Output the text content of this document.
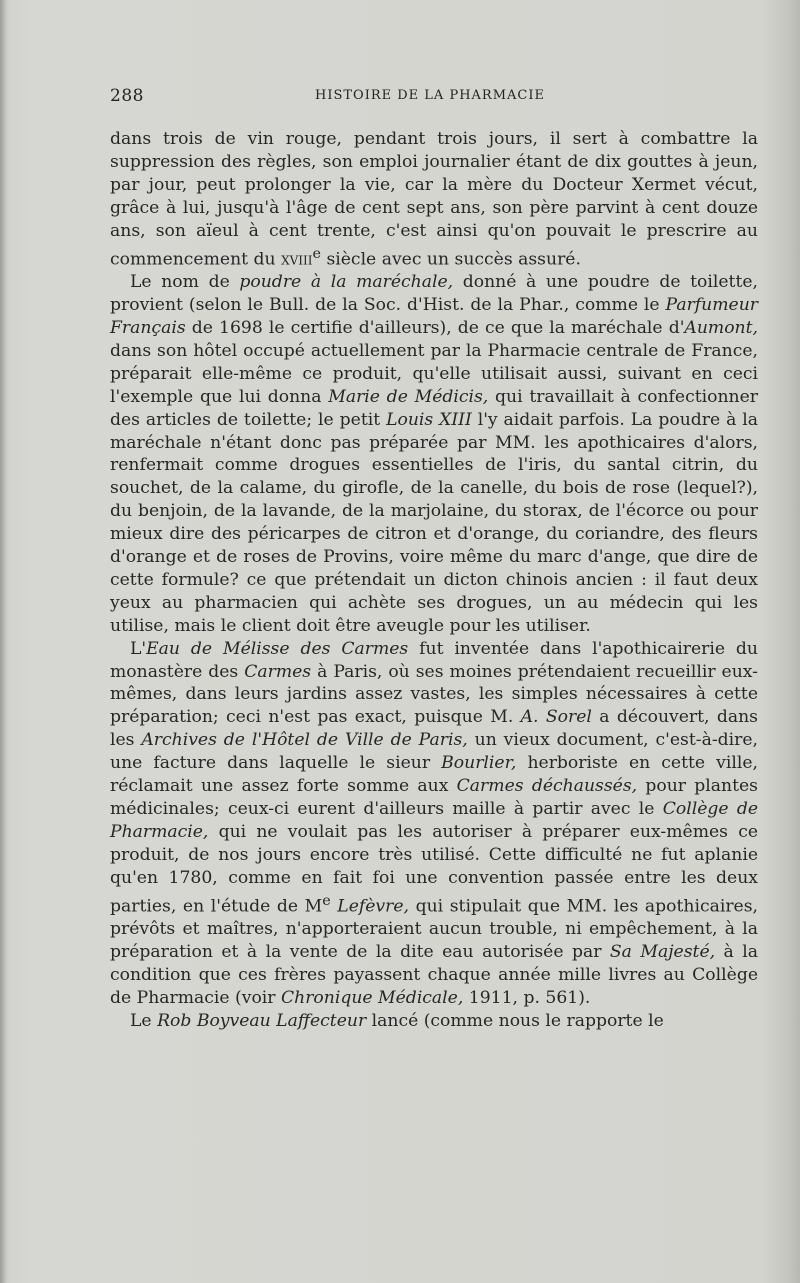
288	HISTOIRE DE LA PHARMACIE

dans trois de vin rouge, pendant trois jours, il sert à combattre la suppression des règles, son emploi journalier étant de dix gouttes à jeun, par jour, peut prolonger la vie, car la mère du Docteur Xermet vécut, grâce à lui, jusqu'à l'âge de cent sept ans, son père parvint à cent douze ans, son aïeul à cent trente, c'est ainsi qu'on pouvait le prescrire au commencement du xviii$^e$ siècle avec un succès assuré.

Le nom de poudre à la maréchale, donné à une poudre de toilette, provient (selon le Bull. de la Soc. d'Hist. de la Phar., comme le Parfumeur Français de 1698 le certifie d'ailleurs), de ce que la maréchale d'Aumont, dans son hôtel occupé actuellement par la Pharmacie centrale de France, préparait elle-même ce produit, qu'elle utilisait aussi, suivant en ceci l'exemple que lui donna Marie de Médicis, qui travaillait à confectionner des articles de toilette; le petit Louis XIII l'y aidait parfois. La poudre à la maréchale n'étant donc pas préparée par MM. les apothicaires d'alors, renfermait comme drogues essentielles de l'iris, du santal citrin, du souchet, de la calame, du girofle, de la canelle, du bois de rose (lequel?), du benjoin, de la lavande, de la marjolaine, du storax, de l'écorce ou pour mieux dire des péricarpes de citron et d'orange, du coriandre, des fleurs d'orange et de roses de Provins, voire même du marc d'ange, que dire de cette formule? ce que prétendait un dicton chinois ancien : il faut deux yeux au pharmacien qui achète ses drogues, un au médecin qui les utilise, mais le client doit être aveugle pour les utiliser.

L'Eau de Mélisse des Carmes fut inventée dans l'apothicairerie du monastère des Carmes à Paris, où ses moines prétendaient recueillir eux-mêmes, dans leurs jardins assez vastes, les simples nécessaires à cette préparation; ceci n'est pas exact, puisque M. A. Sorel a découvert, dans les Archives de l'Hôtel de Ville de Paris, un vieux document, c'est-à-dire, une facture dans laquelle le sieur Bourlier, herboriste en cette ville, réclamait une assez forte somme aux Carmes déchaussés, pour plantes médicinales; ceux-ci eurent d'ailleurs maille à partir avec le Collège de Pharmacie, qui ne voulait pas les autoriser à préparer eux-mêmes ce produit, de nos jours encore très utilisé. Cette difficulté ne fut aplanie qu'en 1780, comme en fait foi une convention passée entre les deux parties, en l'étude de Me Lefèvre, qui stipulait que MM. les apothicaires, prévôts et maîtres, n'apporteraient aucun trouble, ni empêchement, à la préparation et à la vente de la dite eau autorisée par Sa Majesté, à la condition que ces frères payassent chaque année mille livres au Collège de Pharmacie (voir Chronique Médicale, 1911, p. 561).

Le Rob Boyveau Laffecteur lancé (comme nous le rapporte le
